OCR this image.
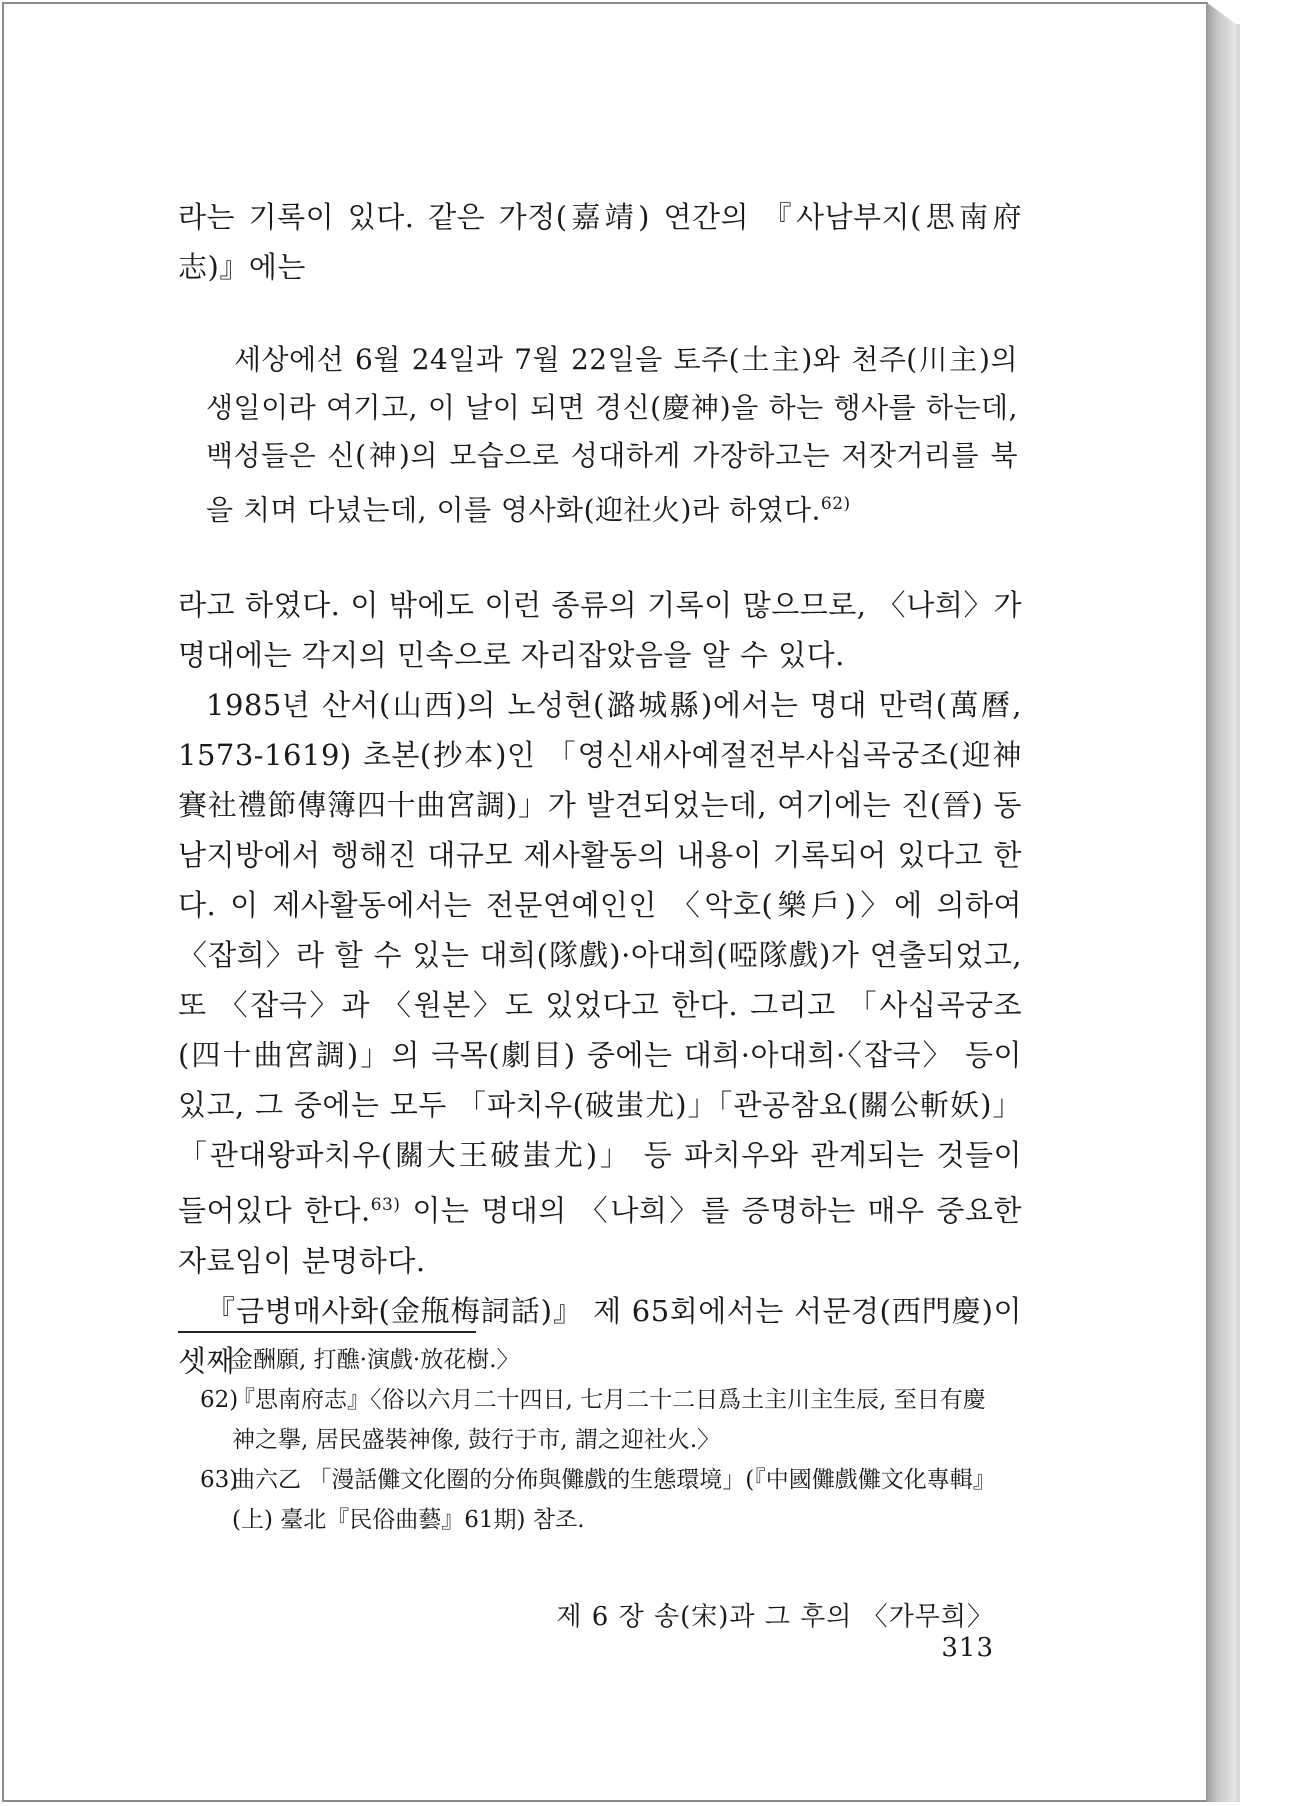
라는 기록이 있다. 같은 가정(嘉靖) 연간의 『사남부지(思南府志)』에는

세상에선 6월 24일과 7월 22일을 토주(土主)와 천주(川主)의 생일이라 여기고, 이 날이 되면 경신(慶神)을 하는 행사를 하는데, 백성들은 신(神)의 모습으로 성대하게 가장하고는 저잣거리를 북을 치며 다녔는데, 이를 영사화(迎社火)라 하였다.$^{62)}$

라고 하였다. 이 밖에도 이런 종류의 기록이 많으므로, 〈나희〉가 명대에는 각지의 민속으로 자리잡았음을 알 수 있다.

1985년 산서(山西)의 노성현(潞城縣)에서는 명대 만력(萬曆, 1573-1619) 초본(抄本)인 「영신새사예절전부사십곡궁조(迎神賽社禮節傳簿四十曲宮調)」가 발견되었는데, 여기에는 진(晉) 동남지방에서 행해진 대규모 제사활동의 내용이 기록되어 있다고 한다. 이 제사활동에서는 전문연예인인 〈악호(樂戶)〉에 의하여 〈잡희〉라 할 수 있는 대희(隊戲)·아대희(啞隊戲)가 연출되었고, 또 〈잡극〉과 〈원본〉도 있었다고 한다. 그리고 「사십곡궁조(四十曲宮調)」의 극목(劇目) 중에는 대희·아대희·〈잡극〉 등이 있고, 그 중에는 모두 「파치우(破蚩尤)」「관공참요(關公斬妖)」「관대왕파치우(關大王破蚩尤)」 등 파치우와 관계되는 것들이 들어있다 한다.$^{63)}$ 이는 명대의 〈나희〉를 증명하는 매우 중요한 자료임이 분명하다.

『금병매사화(金甁梅詞話)』 제 65회에서는 서문경(西門慶)이 셋째

金酬願, 打醮·演戲·放花樹.〉

62)『思南府志』〈俗以六月二十四日, 七月二十二日爲土主川主生辰, 至日有慶
神之擧, 居民盛裝神像, 鼓行于市, 謂之迎社火.〉

63)曲六乙 「漫話儺文化圈的分佈與儺戲的生態環境」(『中國儺戲儺文化專輯』
(上) 臺北『民俗曲藝』61期) 참조.

제 6 장 송(宋)과 그 후의 〈가무희〉313
